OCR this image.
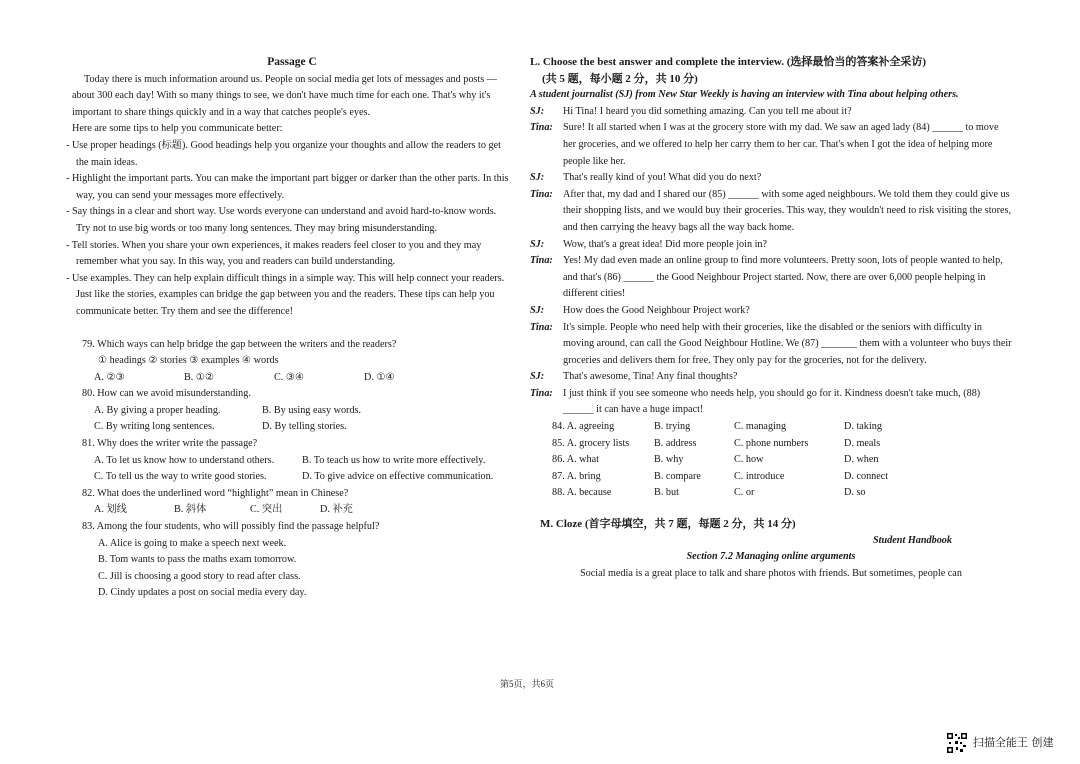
Passage C

Today there is much information around us. People on social media get lots of messages and posts — about 300 each day! With so many things to see, we don't have much time for each one. That's why it's important to share things quickly and in a way that catches people's eyes.

Here are some tips to help you communicate better:

- Use proper headings (标题). Good headings help you organize your thoughts and allow the readers to get the main ideas.

- Highlight the important parts. You can make the important part bigger or darker than the other parts. In this way, you can send your messages more effectively.

- Say things in a clear and short way. Use words everyone can understand and avoid hard-to-know words. Try not to use big words or too many long sentences. They may bring misunderstanding.

- Tell stories. When you share your own experiences, it makes readers feel closer to you and they may remember what you say. In this way, you and readers can build understanding.

- Use examples. They can help explain difficult things in a simple way. This will help connect your readers. Just like the stories, examples can bridge the gap between you and the readers. These tips can help you communicate better. Try them and see the difference!

79. Which ways can help bridge the gap between the writers and the readers?

① headings ② stories ③ examples ④ words

A. ②③	B. ①②	C. ③④	D. ①④

80. How can we avoid misunderstanding.

A. By giving a proper heading.	B. By using easy words.
C. By writing long sentences.	D. By telling stories.

81. Why does the writer write the passage?

A. To let us know how to understand others.	B. To teach us how to write more effectively.
C. To tell us the way to write good stories.	D. To give advice on effective communication.

82. What does the underlined word “highlight” mean in Chinese?

A. 划线	B. 斜体	C. 突出	D. 补充

83. Among the four students, who will possibly find the passage helpful?

A. Alice is going to make a speech next week.

B. Tom wants to pass the maths exam tomorrow.

C. Jill is choosing a good story to read after class.

D. Cindy updates a post on social media every day.

L. Choose the best answer and complete the interview. (选择最恰当的答案补全采访)

(共 5 题，每小题 2 分，共 10 分)

A student journalist (SJ) from New Star Weekly is having an interview with Tina about helping others.

SJ:	Hi Tina! I heard you did something amazing. Can you tell me about it?
Tina: Sure! It all started when I was at the grocery store with my dad. We saw an aged lady (84) ______ to move her groceries, and we offered to help her carry them to her car. That's when I got the idea of helping more people like her.
SJ:	That's really kind of you! What did you do next?
Tina: After that, my dad and I shared our (85) ______ with some aged neighbours. We told them they could give us their shopping lists, and we would buy their groceries. This way, they wouldn't need to risk visiting the stores, and then carrying the heavy bags all the way back home.
SJ:	Wow, that's a great idea! Did more people join in?
Tina: Yes! My dad even made an online group to find more volunteers. Pretty soon, lots of people wanted to help, and that's (86) ______ the Good Neighbour Project started. Now, there are over 6,000 people helping in different cities!
SJ:	How does the Good Neighbour Project work?
Tina: It's simple. People who need help with their groceries, like the disabled or the seniors with difficulty in moving around, can call the Good Neighbour Hotline. We (87) _______ them with a volunteer who buys their groceries and delivers them for free. They only pay for the groceries, not for the delivery.
SJ:	That's awesome, Tina! Any final thoughts?
Tina: I just think if you see someone who needs help, you should go for it. Kindness doesn't take much, (88) ______ it can have a huge impact!
84. A. agreeing	B. trying	C. managing	D. taking
85. A. grocery lists	B. address	C. phone numbers	D. meals
86. A. what	B. why	C. how	D. when
87. A. bring	B. compare	C. introduce	D. connect
88. A. because	B. but	C. or	D. so

M. Cloze (首字母填空，共 7 题，每题 2 分，共 14 分)

Student Handbook

Section 7.2 Managing online arguments

Social media is a great place to talk and share photos with friends. But sometimes, people can

第5页，共6页
扫描全能王 创建
